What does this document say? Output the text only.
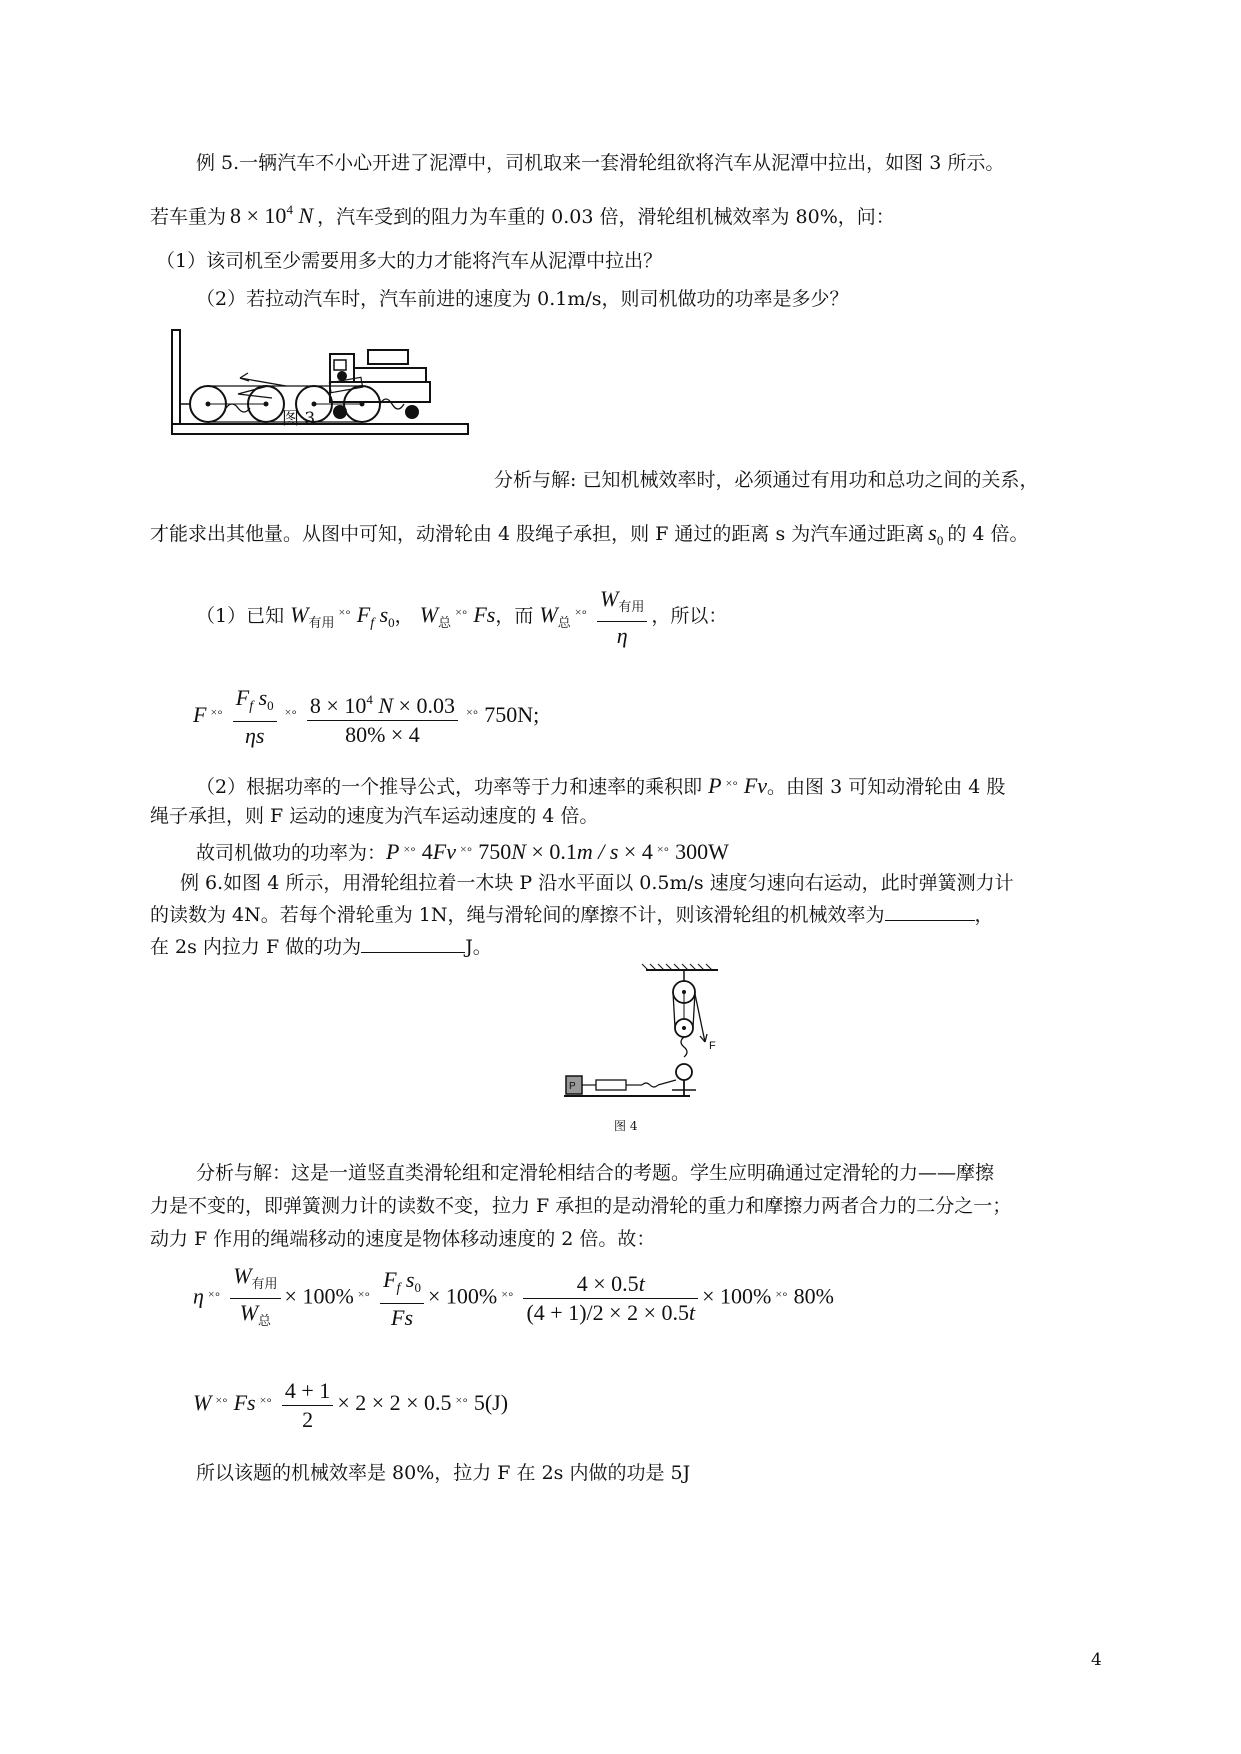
例 5.一辆汽车不小心开进了泥潭中，司机取来一套滑轮组欲将汽车从泥潭中拉出，如图 3 所示。
若车重为 $8 \times 10^4$ N ，汽车受到的阻力为车重的 0.03 倍，滑轮组机械效率为 80%，问：
（1）该司机至少需要用多大的力才能将汽车从泥潭中拉出？
（2）若拉动汽车时，汽车前进的速度为 0.1m/s，则司机做功的功率是多少？
图 3
分析与解: 已知机械效率时，必须通过有用功和总功之间的关系，
才能求出其他量。从图中可知，动滑轮由 4 股绳子承担，则 F 通过的距离 s 为汽车通过距离 $s_0$ 的 4 倍。
（1）已知 $W_{有用}^{\times\circ}$ $F_f$ $s_0$， $W_总^{\times\circ}$ Fs，而 $W_总^{\times\circ} \frac{W_{有用}}{\eta}$ ，所以：
F $^{\times\circ} \frac{F_f s_0}{\eta s} ^{\times\circ} \frac{8 \times 10^4 N \times 0.03}{80\% \times 4} ^{\times\circ}$ 750N;
（2）根据功率的一个推导公式，功率等于力和速率的乘积即 P ×∘ Fv。由图 3 可知动滑轮由 4 股
绳子承担，则 F 运动的速度为汽车运动速度的 4 倍。
故司机做功的功率为：P ×∘ 4Fv ×∘ 750N × 0.1m / s × 4 ×∘ 300W
例 6.如图 4 所示，用滑轮组拉着一木块 P 沿水平面以 0.5m/s 速度匀速向右运动，此时弹簧测力计
的读数为 4N。若每个滑轮重为 1N，绳与滑轮间的摩擦不计，则该滑轮组的机械效率为	，
在 2s 内拉力 F 做的功为	J。
F
P
图 4
分析与解：这是一道竖直类滑轮组和定滑轮相结合的考题。学生应明确通过定滑轮的力——摩擦
力是不变的，即弹簧测力计的读数不变，拉力 F 承担的是动滑轮的重力和摩擦力两者合力的二分之一；
动力 F 作用的绳端移动的速度是物体移动速度的 2 倍。故：
η $^{\times\circ} \frac{W_{有用}}{W_总} \times 100\%$ $^{\times\circ} \frac{F_f s_0}{Fs} \times 100\%$ $^{\times\circ} \frac{4 \times 0.5t}{(4 + 1)/2 \times 2 \times 0.5t} \times 100\%$ ×∘ 80%
W ×∘ Fs $^{\times\circ} \frac{4 + 1}{2} \times 2 \times 2 \times 0.5$ ×∘ 5(J)
所以该题的机械效率是 80%，拉力 F 在 2s 内做的功是 5J
4
